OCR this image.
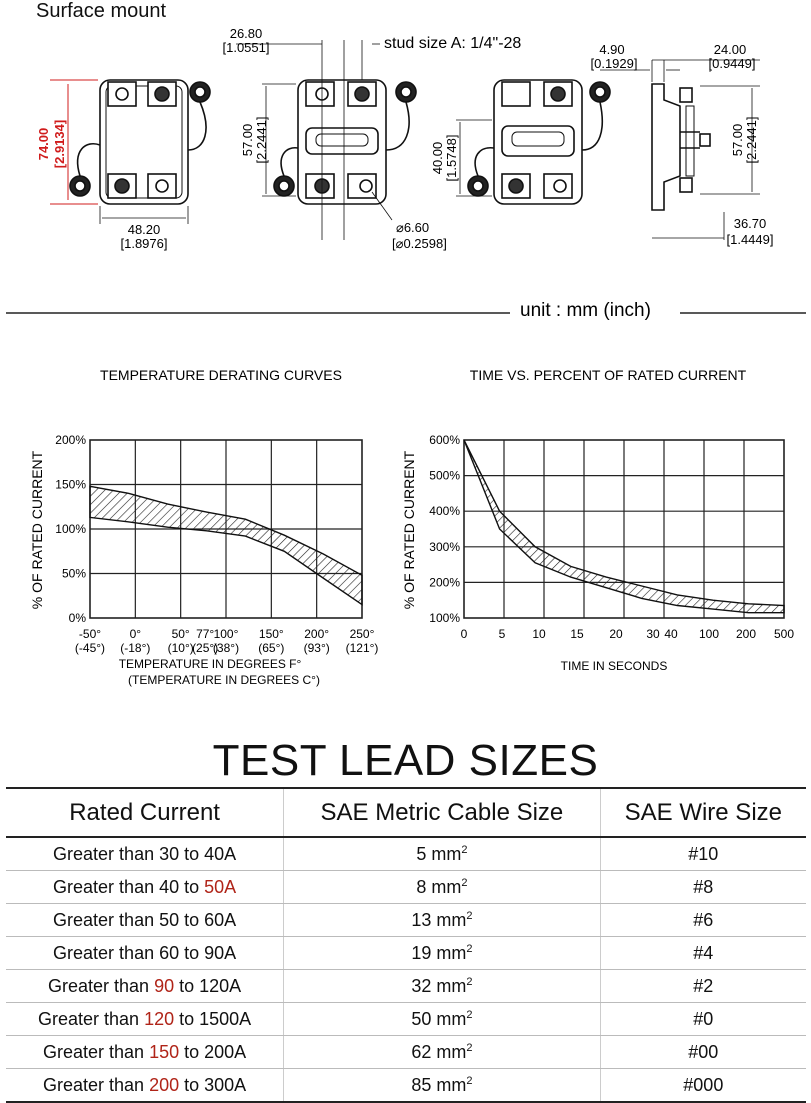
Surface mount
74.00 [2.9134]
48.20
[1.8976]
26.80
[1.0551]	stud size A: 1/4"-28
57.00 [2.2441]
⌀6.60
[⌀0.2598]
40.00 [1.5748]
4.90
[0.1929]
24.00
[0.9449]
57.00 [2.2441]
36.70
[1.4449]
unit : mm (inch)
TEMPERATURE DERATING CURVES
% OF RATED CURRENT
TEMPERATURE IN DEGREES F°
(TEMPERATURE IN DEGREES C°)
200%
150%
100%
50%
0%
-50°
(-45°)
0°
(-18°)
50°
(10°)
77°
(25°)
100°
(38°)
150°
(65°)
200°
(93°)
250°
(121°)
TIME VS. PERCENT OF RATED CURRENT
% OF RATED CURRENT
TIME IN SECONDS
600%
500%
400%
300%
200%
100%
0	5 10 15 20 30 40 100 200 500
TEST LEAD SIZES
Rated Current	SAE Metric Cable Size	SAE Wire Size
Greater than 30 to 40A	5 $mm^2$	#10
Greater than 40 to 50A	8 $mm^2$	#8
Greater than 50 to 60A	13 $mm^2$	#6
Greater than 60 to 90A	19 $mm^2$	#4
Greater than 90 to 120A	32 $mm^2$	#2
Greater than 120 to 1500A	50 $mm^2$	#0
Greater than 150 to 200A	62 $mm^2$	#00
Greater than 200 to 300A	85 $mm^2$	#000
